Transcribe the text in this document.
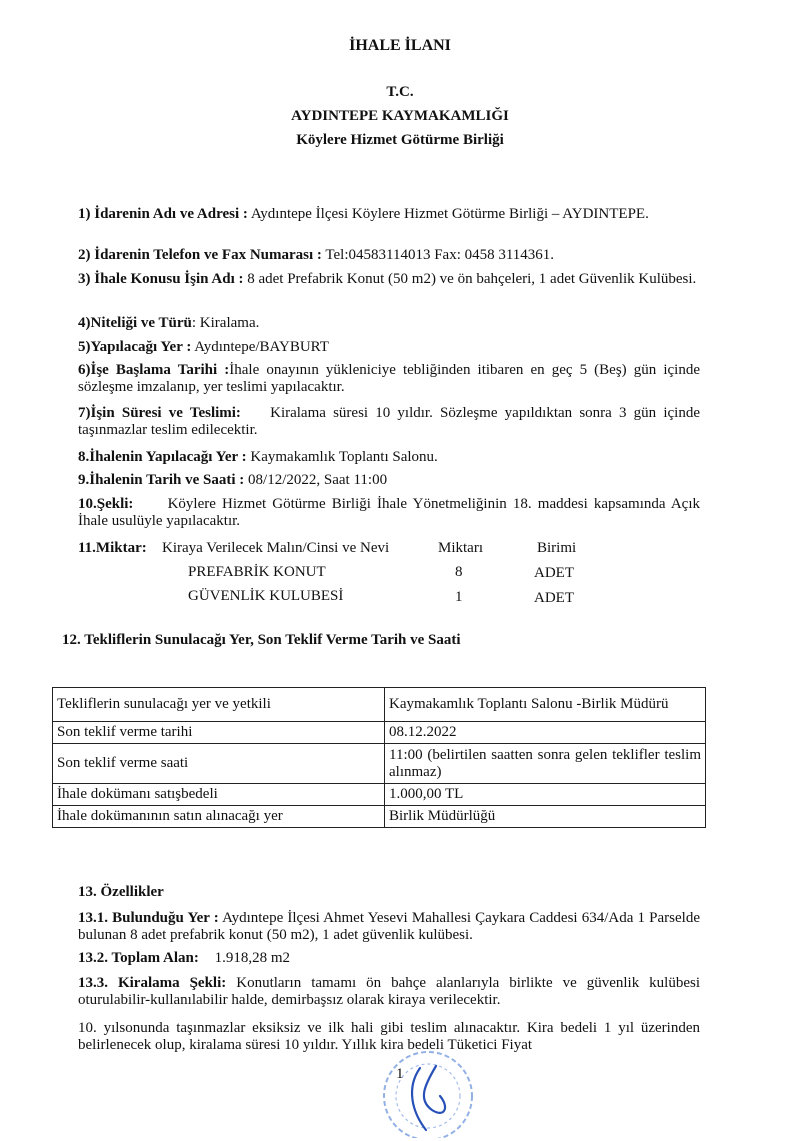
İHALE İLANI
T.C.
AYDINTEPE KAYMAKAMLIĞI
Köylere Hizmet Götürme Birliği
1) İdarenin Adı ve Adresi : Aydıntepe İlçesi Köylere Hizmet Götürme Birliği – AYDINTEPE.
2) İdarenin Telefon ve Fax Numarası : Tel:04583114013 Fax: 0458 3114361.
3) İhale Konusu İşin Adı : 8 adet Prefabrik Konut (50 m2) ve ön bahçeleri, 1 adet Güvenlik Kulübesi.
4)Niteliği ve Türü: Kiralama.
5)Yapılacağı Yer : Aydıntepe/BAYBURT
6)İşe Başlama Tarihi :İhale onayının yükleniciye tebliğinden itibaren en geç 5 (Beş) gün içinde sözleşme imzalanıp, yer teslimi yapılacaktır.
7)İşin Süresi ve Teslimi: Kiralama süresi 10 yıldır. Sözleşme yapıldıktan sonra 3 gün içinde taşınmazlar teslim edilecektir.
8.İhalenin Yapılacağı Yer : Kaymakamlık Toplantı Salonu.
9.İhalenin Tarih ve Saati : 08/12/2022, Saat 11:00
10.Şekli: Köylere Hizmet Götürme Birliği İhale Yönetmeliğinin 18. maddesi kapsamında Açık İhale usulüyle yapılacaktır.
11.Miktar: Kiraya Verilecek Malın/Cinsi ve Nevi	Miktarı	Birimi
PREFABRİK KONUT	8	ADET
GÜVENLİK KULUBESİ	1	ADET
12. Tekliflerin Sunulacağı Yer, Son Teklif Verme Tarih ve Saati
Tekliflerin sunulacağı yer ve yetkili	Kaymakamlık Toplantı Salonu -Birlik Müdürü
Son teklif verme tarihi	08.12.2022
Son teklif verme saati	11:00 (belirtilen saatten sonra gelen teklifler teslim alınmaz)
İhale dokümanı satışbedeli	1.000,00 TL
İhale dokümanının satın alınacağı yer	Birlik Müdürlüğü
13. Özellikler
13.1. Bulunduğu Yer : Aydıntepe İlçesi Ahmet Yesevi Mahallesi Çaykara Caddesi 634/Ada 1 Parselde bulunan 8 adet prefabrik konut (50 m2), 1 adet güvenlik kulübesi.
13.2. Toplam Alan: 1.918,28 m2
13.3. Kiralama Şekli: Konutların tamamı ön bahçe alanlarıyla birlikte ve güvenlik kulübesi oturulabilir-kullanılabilir halde, demirbaşsız olarak kiraya verilecektir.
10. yılsonunda taşınmazlar eksiksiz ve ilk hali gibi teslim alınacaktır. Kira bedeli 1 yıl üzerinden belirlenecek olup, kiralama süresi 10 yıldır. Yıllık kira bedeli Tüketici Fiyat
1
